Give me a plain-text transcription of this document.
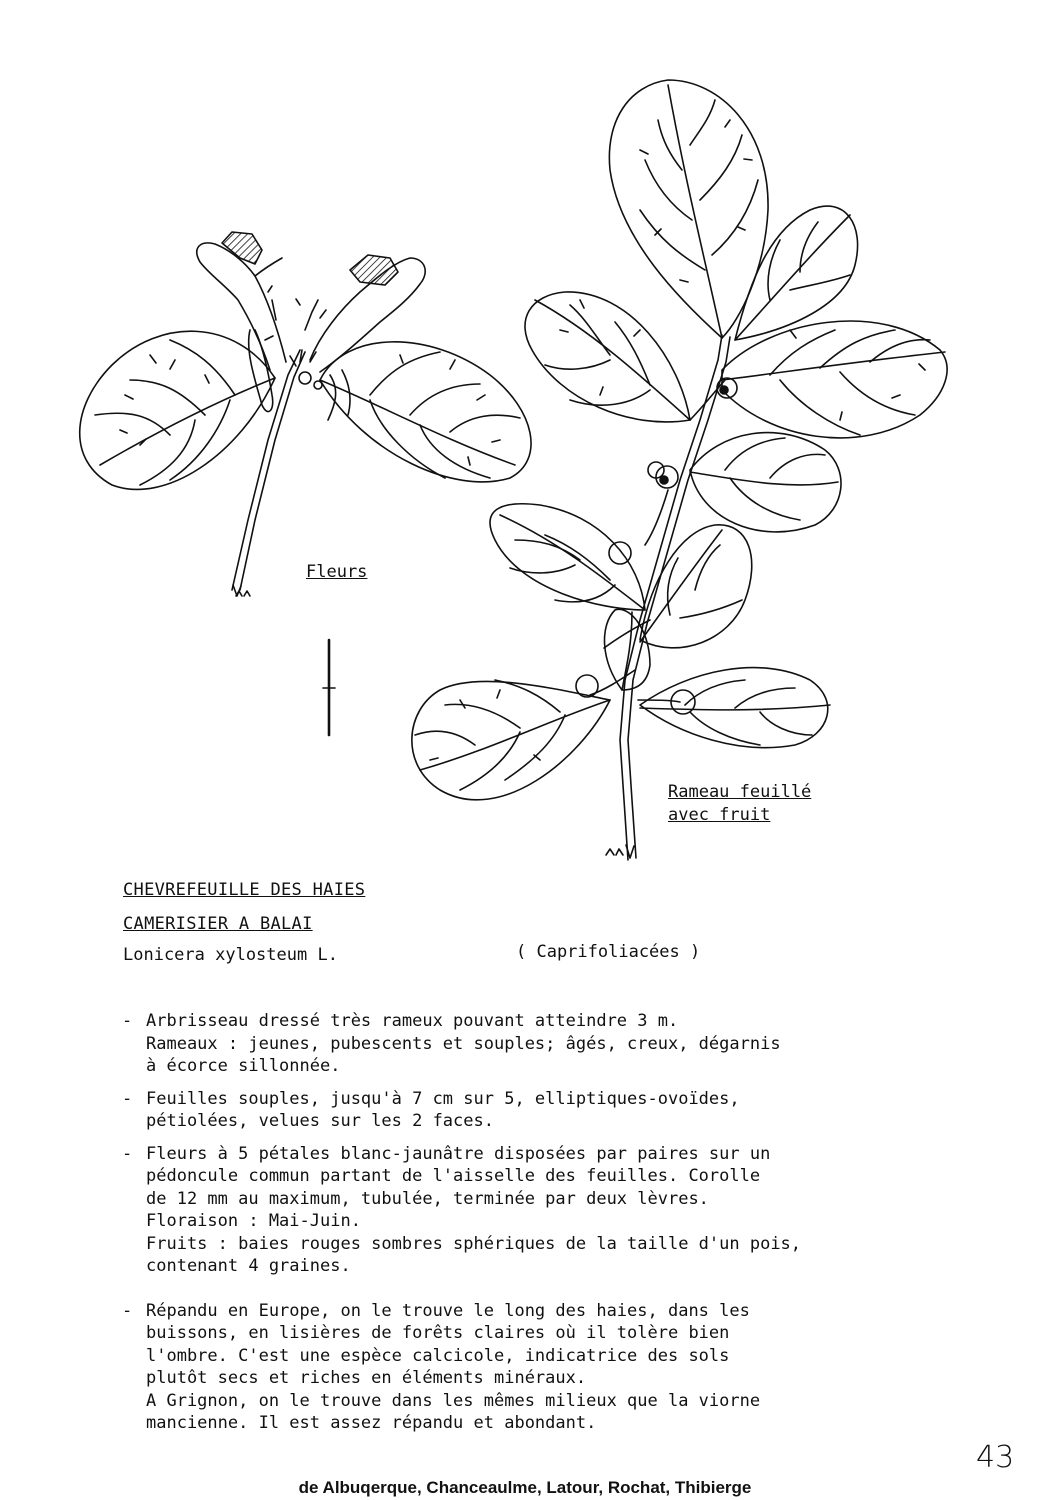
Fleurs
Rameau feuillé
avec fruit
CHEVREFEUILLE DES HAIES
CAMERISIER A BALAI
Lonicera xylosteum L.	( Caprifoliacées )
- Arbrisseau dressé très rameux pouvant atteindre 3 m.
Rameaux : jeunes, pubescents et souples; âgés, creux, dégarnis
à écorce sillonnée.
- Feuilles souples, jusqu'à 7 cm sur 5, elliptiques-ovoïdes,
pétiolées, velues sur les 2 faces.
- Fleurs à 5 pétales blanc-jaunâtre disposées par paires sur un
pédoncule commun partant de l'aisselle des feuilles. Corolle
de 12 mm au maximum, tubulée, terminée par deux lèvres.
Floraison : Mai-Juin.
Fruits : baies rouges sombres sphériques de la taille d'un pois,
contenant 4 graines.
- Répandu en Europe, on le trouve le long des haies, dans les
buissons, en lisières de forêts claires où il tolère bien
l'ombre. C'est une espèce calcicole, indicatrice des sols
plutôt secs et riches en éléments minéraux.
A Grignon, on le trouve dans les mêmes milieux que la viorne
mancienne. Il est assez répandu et abondant.
43
de Albuqerque, Chanceaulme, Latour, Rochat, Thibierge
